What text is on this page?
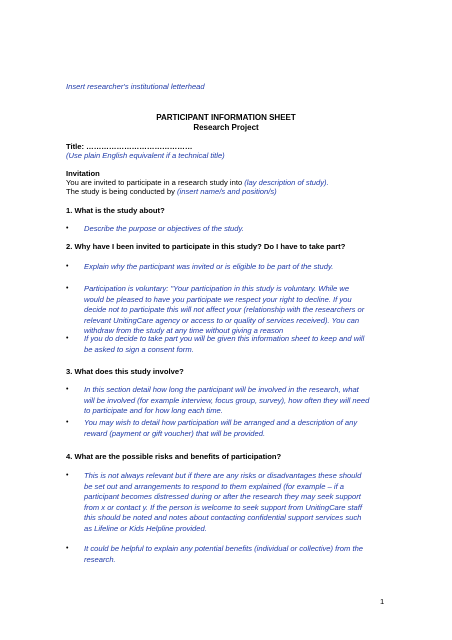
Insert researcher's institutional letterhead
PARTICIPANT INFORMATION SHEET
Research Project
Title: ……………………………………
(Use plain English equivalent if a technical title)
Invitation
You are invited to participate in a research study into (lay description of study).
The study is being conducted by (insert name/s and position/s)
1. What is the study about?
• Describe the purpose or objectives of the study.
2. Why have I been invited to participate in this study? Do I have to take part?
• Explain why the participant was invited or is eligible to be part of the study.
• Participation is voluntary: "Your participation in this study is voluntary. While we
would be pleased to have you participate we respect your right to decline. If you
decide not to participate this will not affect your (relationship with the researchers or
relevant UnitingCare agency or access to or quality of services received). You can
withdraw from the study at any time without giving a reason
• If you do decide to take part you will be given this information sheet to keep and will
be asked to sign a consent form.
3. What does this study involve?
• In this section detail how long the participant will be involved in the research, what
will be involved (for example interview, focus group, survey), how often they will need
to participate and for how long each time.
• You may wish to detail how participation will be arranged and a description of any
reward (payment or gift voucher) that will be provided.
4. What are the possible risks and benefits of participation?
• This is not always relevant but if there are any risks or disadvantages these should
be set out and arrangements to respond to them explained (for example – if a
participant becomes distressed during or after the research they may seek support
from x or contact y. If the person is welcome to seek support from UnitingCare staff
this should be noted and notes about contacting confidential support services such
as Lifeline or Kids Helpline provided.
• It could be helpful to explain any potential benefits (individual or collective) from the
research.
1
